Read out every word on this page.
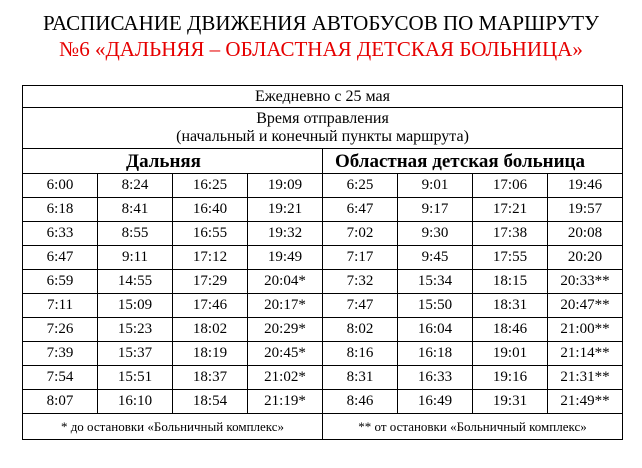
РАСПИСАНИЕ ДВИЖЕНИЯ АВТОБУСОВ ПО МАРШРУТУ
№6 «ДАЛЬНЯЯ – ОБЛАСТНАЯ ДЕТСКАЯ БОЛЬНИЦА»
Ежедневно с 25 мая							

Время отправления
(начальный и конечный пункты маршрута)							

Дальняя				Областная детская больница			
6:00	8:24	16:25	19:09	6:25	9:01	17:06	19:46
6:18	8:41	16:40	19:21	6:47	9:17	17:21	19:57
6:33	8:55	16:55	19:32	7:02	9:30	17:38	20:08
6:47	9:11	17:12	19:49	7:17	9:45	17:55	20:20
6:59	14:55	17:29	20:04*	7:32	15:34	18:15	20:33**
7:11	15:09	17:46	20:17*	7:47	15:50	18:31	20:47**
7:26	15:23	18:02	20:29*	8:02	16:04	18:46	21:00**
7:39	15:37	18:19	20:45*	8:16	16:18	19:01	21:14**
7:54	15:51	18:37	21:02*	8:31	16:33	19:16	21:31**
8:07	16:10	18:54	21:19*	8:46	16:49	19:31	21:49**
* до остановки «Больничный комплекс»				** от остановки «Больничный комплекс»			
